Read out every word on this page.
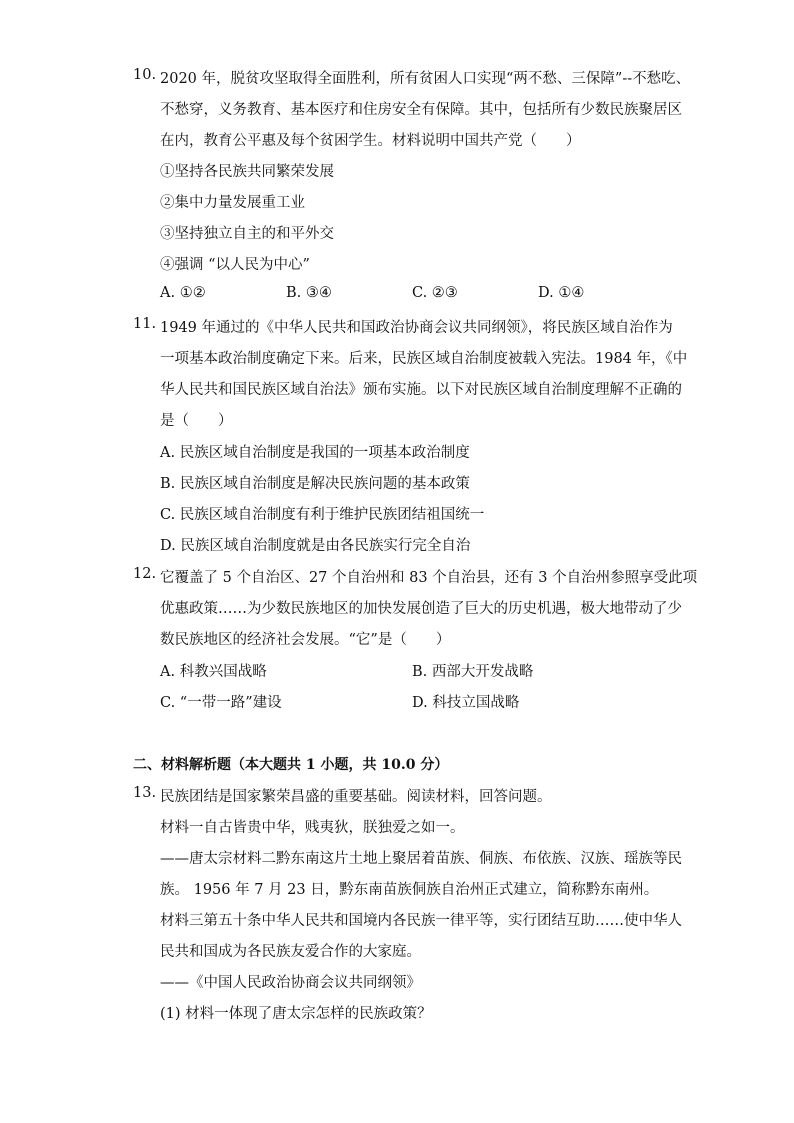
10. 2020 年，脱贫攻坚取得全面胜利，所有贫困人口实现“两不愁、三保障”--不愁吃、
不愁穿，义务教育、基本医疗和住房安全有保障。其中，包括所有少数民族聚居区
在内，教育公平惠及每个贫困学生。材料说明中国共产党（　　）
①坚持各民族共同繁荣发展
②集中力量发展重工业
③坚持独立自主的和平外交
④强调 “以人民为中心”
A. ①②	B. ③④	C. ②③	D. ①④
11. 1949 年通过的《中华人民共和国政治协商会议共同纲领》，将民族区域自治作为
一项基本政治制度确定下来。后来，民族区域自治制度被载入宪法。1984 年，《中
华人民共和国民族区域自治法》颁布实施。以下对民族区域自治制度理解不正确的
是（　　）
A. 民族区域自治制度是我国的一项基本政治制度
B. 民族区域自治制度是解决民族问题的基本政策
C. 民族区域自治制度有利于维护民族团结祖国统一
D. 民族区域自治制度就是由各民族实行完全自治
12. 它覆盖了 5 个自治区、27 个自治州和 83 个自治县，还有 3 个自治州参照享受此项
优惠政策……为少数民族地区的加快发展创造了巨大的历史机遇，极大地带动了少
数民族地区的经济社会发展。“它”是（　　）
A. 科教兴国战略	B. 西部大开发战略
C. “一带一路”建设	D. 科技立国战略
二、材料解析题（本大题共 1 小题，共 10.0 分）
13. 民族团结是国家繁荣昌盛的重要基础。阅读材料，回答问题。
材料一自古皆贵中华，贱夷狄，朕独爱之如一。
——唐太宗材料二黔东南这片土地上聚居着苗族、侗族、布依族、汉族、瑶族等民
族。 1956 年 7 月 23 日，黔东南苗族侗族自治州正式建立，简称黔东南州。
材料三第五十条中华人民共和国境内各民族一律平等，实行团结互助……使中华人
民共和国成为各民族友爱合作的大家庭。
——《中国人民政治协商会议共同纲领》
(1) 材料一体现了唐太宗怎样的民族政策？
